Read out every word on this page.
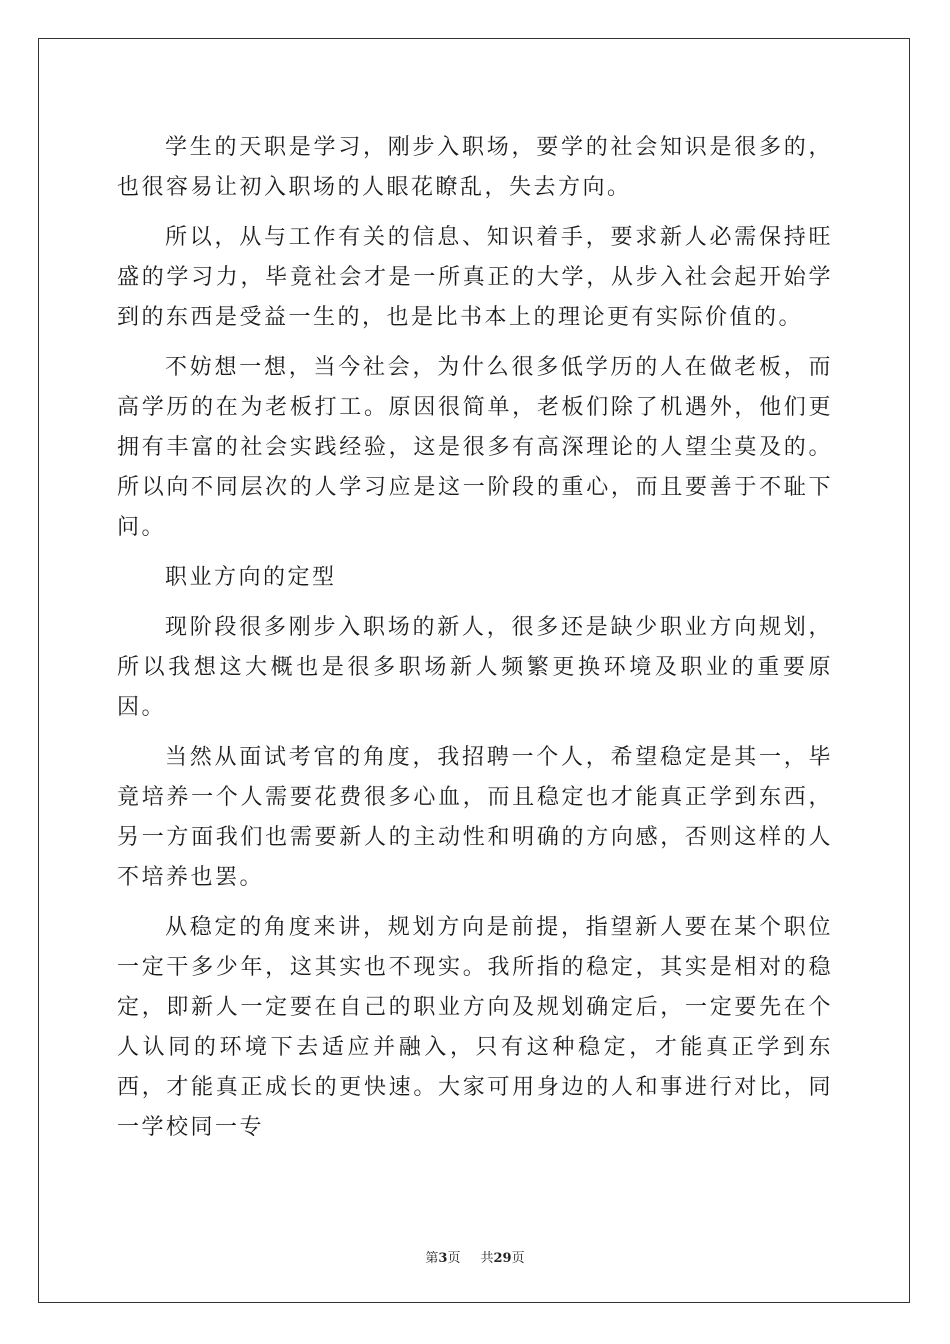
学生的天职是学习，刚步入职场，要学的社会知识是很多的，也很容易让初入职场的人眼花瞭乱，失去方向。

所以，从与工作有关的信息、知识着手，要求新人必需保持旺盛的学习力，毕竟社会才是一所真正的大学，从步入社会起开始学到的东西是受益一生的，也是比书本上的理论更有实际价值的。

不妨想一想，当今社会，为什么很多低学历的人在做老板，而高学历的在为老板打工。原因很简单，老板们除了机遇外，他们更拥有丰富的社会实践经验，这是很多有高深理论的人望尘莫及的。所以向不同层次的人学习应是这一阶段的重心，而且要善于不耻下问。

职业方向的定型

现阶段很多刚步入职场的新人，很多还是缺少职业方向规划，所以我想这大概也是很多职场新人频繁更换环境及职业的重要原因。

当然从面试考官的角度，我招聘一个人，希望稳定是其一，毕竟培养一个人需要花费很多心血，而且稳定也才能真正学到东西，另一方面我们也需要新人的主动性和明确的方向感，否则这样的人不培养也罢。

从稳定的角度来讲，规划方向是前提，指望新人要在某个职位一定干多少年，这其实也不现实。我所指的稳定，其实是相对的稳定，即新人一定要在自己的职业方向及规划确定后，一定要先在个人认同的环境下去适应并融入，只有这种稳定，才能真正学到东西，才能真正成长的更快速。大家可用身边的人和事进行对比，同一学校同一专

第3页 共29页
